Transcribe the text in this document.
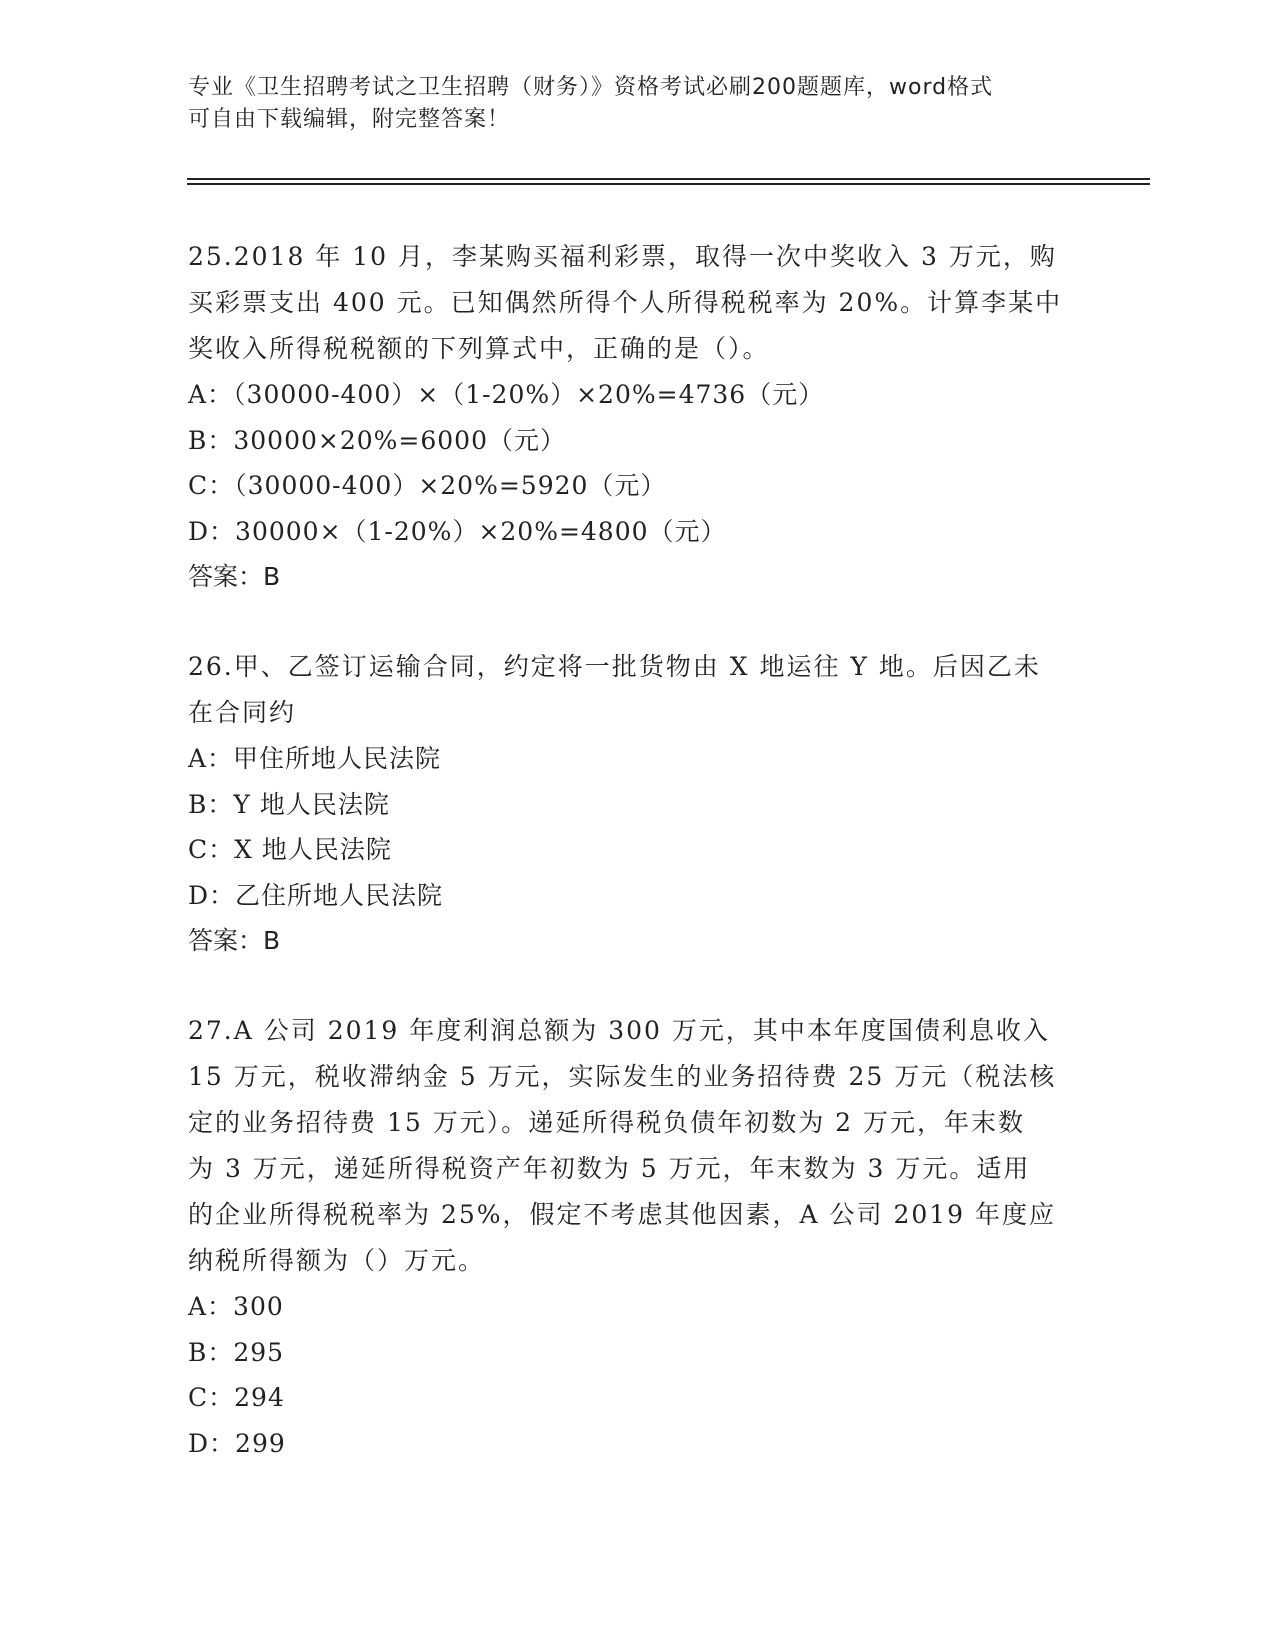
专业《卫生招聘考试之卫生招聘（财务）》资格考试必刷200题题库，word格式
可自由下载编辑，附完整答案！
25.2018 年 10 月，李某购买福利彩票，取得一次中奖收入 3 万元，购
买彩票支出 400 元。已知偶然所得个人所得税税率为 20%。计算李某中
奖收入所得税税额的下列算式中，正确的是（）。
A：（30000-400）×（1-20%）×20%=4736（元）
B：30000×20%=6000（元）
C：（30000-400）×20%=5920（元）
D：30000×（1-20%）×20%=4800（元）
答案：B
26.甲、乙签订运输合同，约定将一批货物由 X 地运往 Y 地。后因乙未
在合同约
A：甲住所地人民法院
B：Y 地人民法院
C：X 地人民法院
D：乙住所地人民法院
答案：B
27.A 公司 2019 年度利润总额为 300 万元，其中本年度国债利息收入
15 万元，税收滞纳金 5 万元，实际发生的业务招待费 25 万元（税法核
定的业务招待费 15 万元）。递延所得税负债年初数为 2 万元，年末数
为 3 万元，递延所得税资产年初数为 5 万元，年末数为 3 万元。适用
的企业所得税税率为 25%，假定不考虑其他因素，A 公司 2019 年度应
纳税所得额为（）万元。
A：300
B：295
C：294
D：299
